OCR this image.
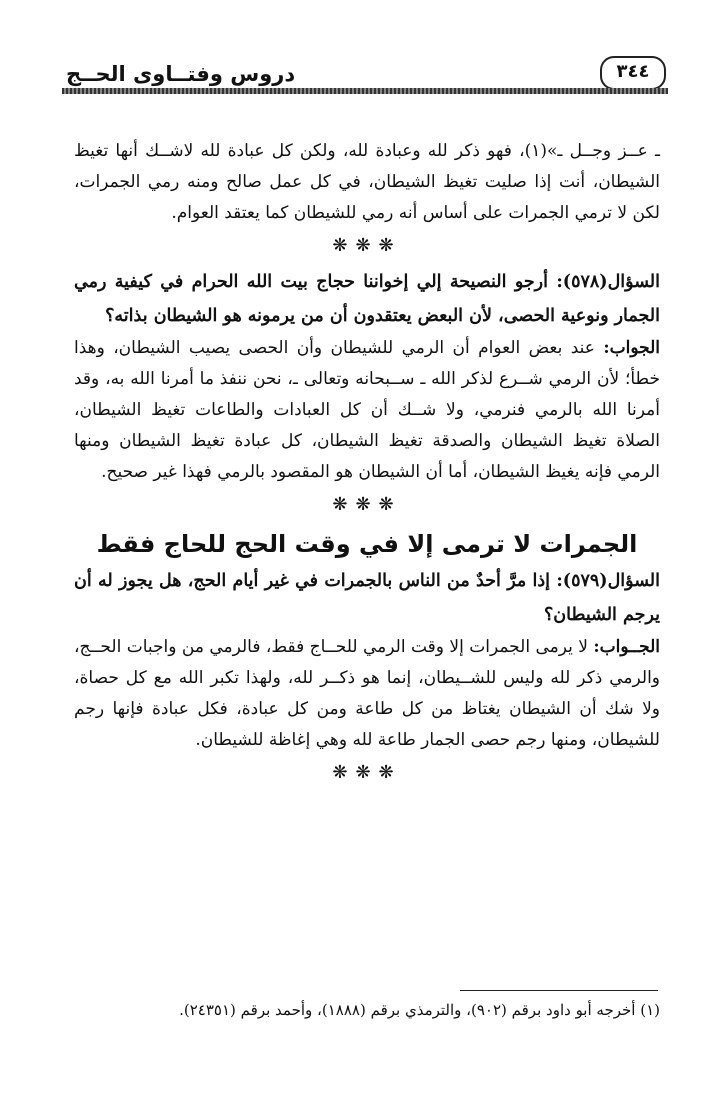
دروس وفتــاوى الحــج	٣٤٤

ـ عــز وجــل ـ»(١)، فهو ذكر لله وعبادة لله، ولكن كل عبادة لله لاشــك أنها تغيظ الشيطان، أنت إذا صليت تغيظ الشيطان، في كل عمل صالح ومنه رمي الجمرات، لكن لا ترمي الجمرات على أساس أنه رمي للشيطان كما يعتقد العوام.

❋❋❋

السؤال(٥٧٨): أرجو النصيحة إلي إخواننا حجاج بيت الله الحرام في كيفية رمي الجمار ونوعية الحصى، لأن البعض يعتقدون أن من يرمونه هو الشيطان بذاته؟

الجواب: عند بعض العوام أن الرمي للشيطان وأن الحصى يصيب الشيطان، وهذا خطأ؛ لأن الرمي شــرع لذكر الله ـ ســبحانه وتعالى ـ، نحن ننفذ ما أمرنا الله به، وقد أمرنا الله بالرمي فنرمي، ولا شــك أن كل العبادات والطاعات تغيظ الشيطان، الصلاة تغيظ الشيطان والصدقة تغيظ الشيطان، كل عبادة تغيظ الشيطان ومنها الرمي فإنه يغيظ الشيطان، أما أن الشيطان هو المقصود بالرمي فهذا غير صحيح.

❋❋❋
الجمرات لا ترمى إلا في وقت الحج للحاج فقط

السؤال(٥٧٩): إذا مرَّ أحدٌ من الناس بالجمرات في غير أيام الحج، هل يجوز له أن يرجم الشيطان؟

الجــواب: لا يرمى الجمرات إلا وقت الرمي للحــاج فقط، فالرمي من واجبات الحــج، والرمي ذكر لله وليس للشــيطان، إنما هو ذكــر لله، ولهذا تكبر الله مع كل حصاة، ولا شك أن الشيطان يغتاظ من كل طاعة ومن كل عبادة، فكل عبادة فإنها رجم للشيطان، ومنها رجم حصى الجمار طاعة لله وهي إغاظة للشيطان.

❋❋❋
(١) أخرجه أبو داود برقم (٩٠٢)، والترمذي برقم (١٨٨٨)، وأحمد برقم (٢٤٣٥١).
